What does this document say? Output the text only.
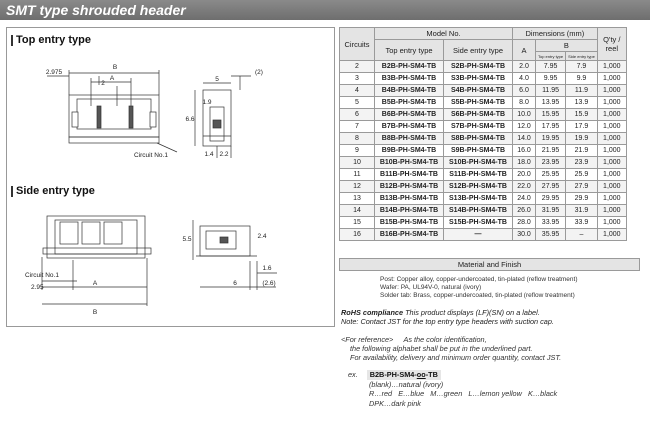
SMT type shrouded header
Top entry type
Side entry type
B
2.975
A
2
5
(2)
1.9
6.6
1.4 2.2
Circuit No.1
5.5	2.4
1.6
6	(2.6)
Circuit No.1
2.95
A
B
Circuits	Model No.		Dimensions (mm)			Q'ty / reel
	Top entry type	Side entry type	A	B		
				Top entry type	Side entry type	
2	B2B-PH-SM4-TB	S2B-PH-SM4-TB	2.0	7.95	7.9	1,000
3	B3B-PH-SM4-TB	S3B-PH-SM4-TB	4.0	9.95	9.9	1,000
4	B4B-PH-SM4-TB	S4B-PH-SM4-TB	6.0	11.95	11.9	1,000
5	B5B-PH-SM4-TB	S5B-PH-SM4-TB	8.0	13.95	13.9	1,000
6	B6B-PH-SM4-TB	S6B-PH-SM4-TB	10.0	15.95	15.9	1,000
7	B7B-PH-SM4-TB	S7B-PH-SM4-TB	12.0	17.95	17.9	1,000
8	B8B-PH-SM4-TB	S8B-PH-SM4-TB	14.0	19.95	19.9	1,000
9	B9B-PH-SM4-TB	S9B-PH-SM4-TB	16.0	21.95	21.9	1,000
10	B10B-PH-SM4-TB	S10B-PH-SM4-TB	18.0	23.95	23.9	1,000
11	B11B-PH-SM4-TB	S11B-PH-SM4-TB	20.0	25.95	25.9	1,000
12	B12B-PH-SM4-TB	S12B-PH-SM4-TB	22.0	27.95	27.9	1,000
13	B13B-PH-SM4-TB	S13B-PH-SM4-TB	24.0	29.95	29.9	1,000
14	B14B-PH-SM4-TB	S14B-PH-SM4-TB	26.0	31.95	31.9	1,000
15	B15B-PH-SM4-TB	S15B-PH-SM4-TB	28.0	33.95	33.9	1,000
16	B16B-PH-SM4-TB	—	30.0	35.95	–	1,000
Material and Finish
Post: Copper alloy, copper-undercoated, tin-plated (reflow treatment)
Wafer: PA, UL94V-0, natural (ivory)
Solder tab: Brass, copper-undercoated, tin-plated (reflow treatment)
RoHS compliance This product displays (LF)(SN) on a label.
Note: Contact JST for the top entry type headers with suction cap.
<For reference> As the color identification,
the following alphabet shall be put in the underlined part.
For availability, delivery and minimum order quantity, contact JST.
ex. B2B-PH-SM4-oo-TB
(blank)…natural (ivory)
R…red   E…blue   M…green   L…lemon yellow   K…black
DPK…dark pink
